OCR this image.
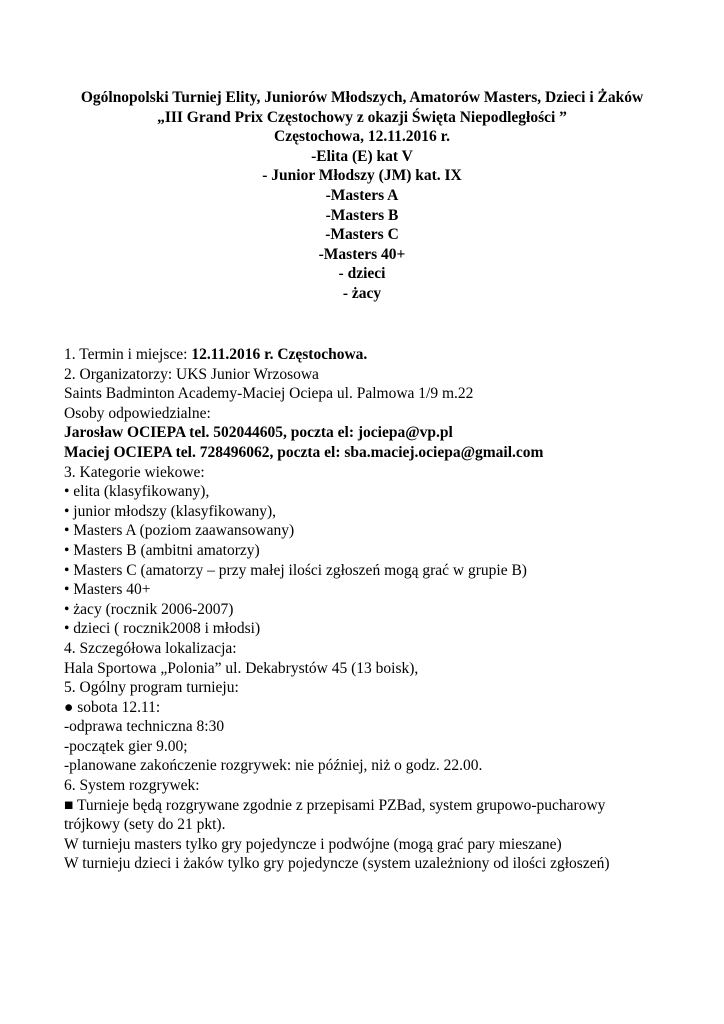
Ogólnopolski Turniej Elity, Juniorów Młodszych, Amatorów Masters, Dzieci i Żaków
„III Grand Prix Częstochowy z okazji Święta Niepodległości ”
Częstochowa, 12.11.2016 r.
-Elita (E) kat V
- Junior Młodszy (JM) kat. IX
-Masters A
-Masters B
-Masters C
-Masters 40+
- dzieci
- żacy
1. Termin i miejsce: 12.11.2016 r. Częstochowa.
2. Organizatorzy: UKS Junior Wrzosowa
Saints Badminton Academy-Maciej Ociepa ul. Palmowa 1/9 m.22
Osoby odpowiedzialne:
Jarosław OCIEPA tel. 502044605, poczta el: jociepa@vp.pl
Maciej OCIEPA tel. 728496062, poczta el: sba.maciej.ociepa@gmail.com
3. Kategorie wiekowe:
• elita (klasyfikowany),
• junior młodszy (klasyfikowany),
• Masters A (poziom zaawansowany)
• Masters B (ambitni amatorzy)
• Masters C (amatorzy – przy małej ilości zgłoszeń mogą grać w grupie B)
• Masters 40+
• żacy (rocznik 2006-2007)
• dzieci ( rocznik2008 i młodsi)
4. Szczegółowa lokalizacja:
Hala Sportowa „Polonia” ul. Dekabrystów 45 (13 boisk),
5. Ogólny program turnieju:
● sobota 12.11:
-odprawa techniczna 8:30
-początek gier 9.00;
-planowane zakończenie rozgrywek: nie później, niż o godz. 22.00.
6. System rozgrywek:
■ Turnieje będą rozgrywane zgodnie z przepisami PZBad, system grupowo-pucharowy trójkowy (sety do 21 pkt).
W turnieju masters tylko gry pojedyncze i podwójne (mogą grać pary mieszane)
W turnieju dzieci i żaków tylko gry pojedyncze (system uzależniony od ilości zgłoszeń)
